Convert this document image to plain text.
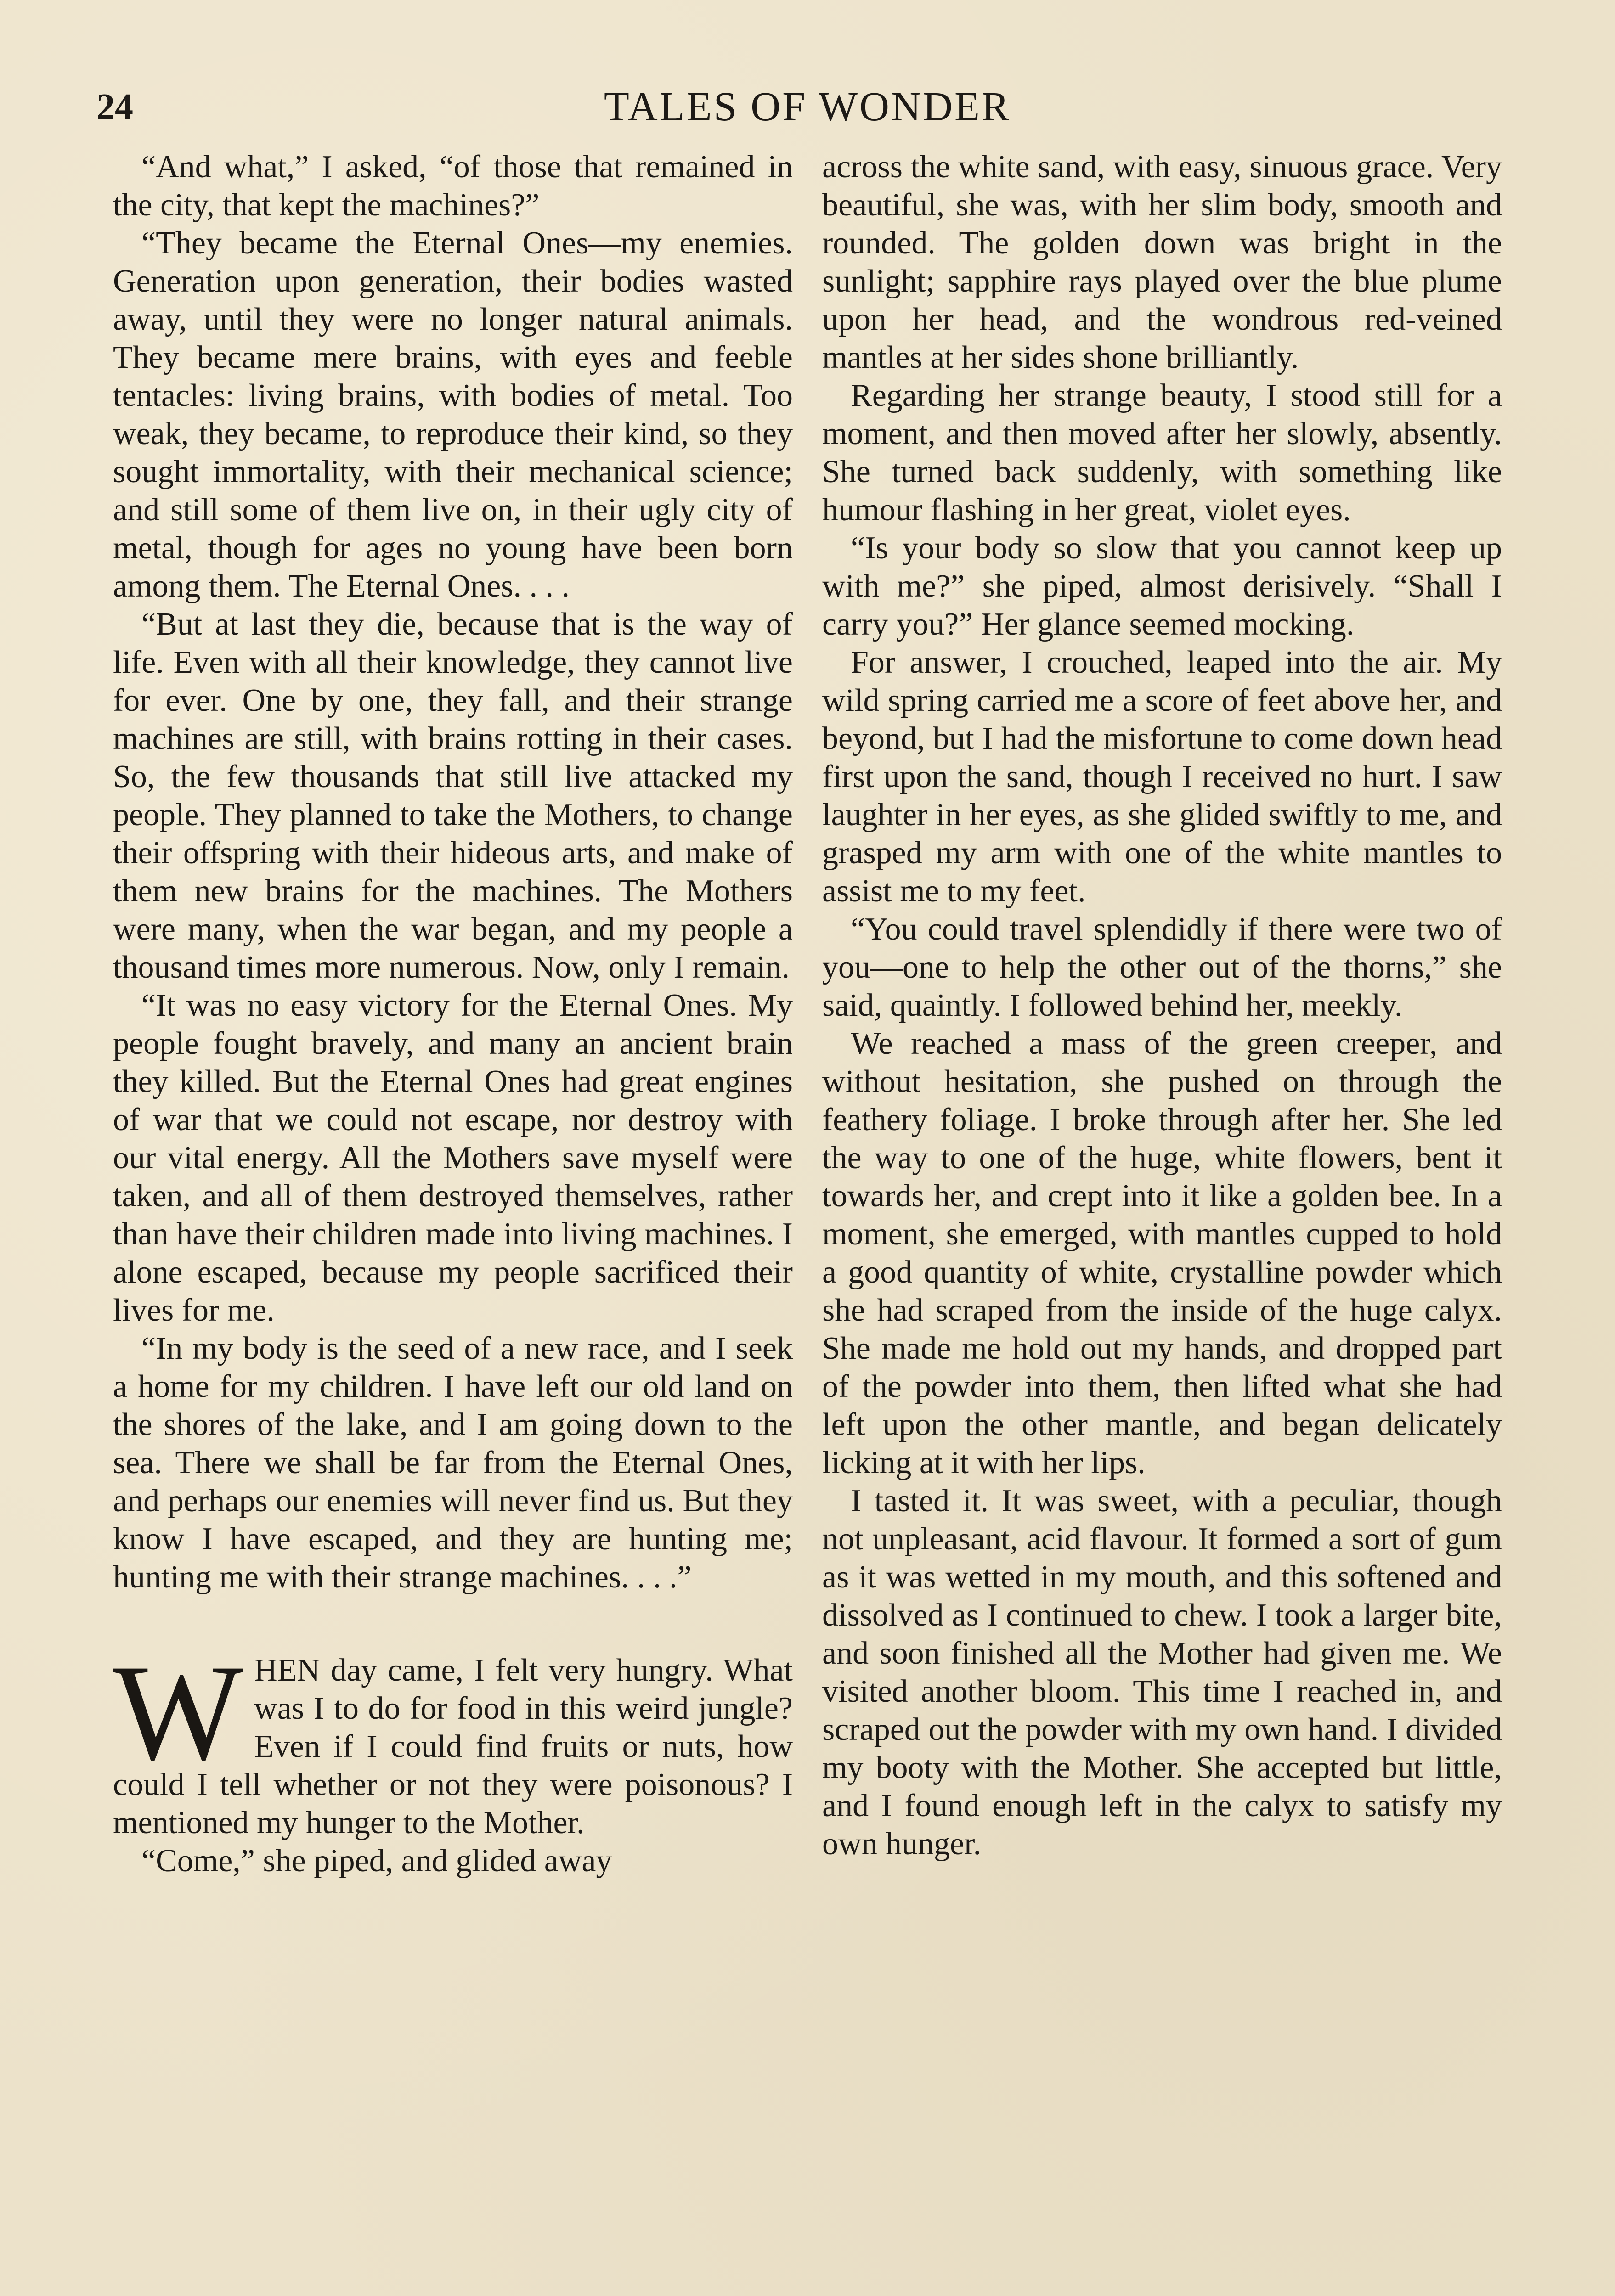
24	TALES OF WONDER

“And what,” I asked, “of those that remained in the city, that kept the machines?”

“They became the Eternal Ones—my enemies. Generation upon generation, their bodies wasted away, until they were no longer natural animals. They became mere brains, with eyes and feeble tentacles: living brains, with bodies of metal. Too weak, they became, to reproduce their kind, so they sought immortality, with their mechanical science; and still some of them live on, in their ugly city of metal, though for ages no young have been born among them. The Eternal Ones. . . .

“But at last they die, because that is the way of life. Even with all their knowledge, they cannot live for ever. One by one, they fall, and their strange machines are still, with brains rotting in their cases. So, the few thousands that still live attacked my people. They planned to take the Mothers, to change their offspring with their hideous arts, and make of them new brains for the machines. The Mothers were many, when the war began, and my people a thousand times more numerous. Now, only I remain.

“It was no easy victory for the Eternal Ones. My people fought bravely, and many an ancient brain they killed. But the Eternal Ones had great engines of war that we could not escape, nor destroy with our vital energy. All the Mothers save myself were taken, and all of them destroyed themselves, rather than have their children made into living machines. I alone escaped, because my people sacrificed their lives for me.

“In my body is the seed of a new race, and I seek a home for my children. I have left our old land on the shores of the lake, and I am going down to the sea. There we shall be far from the Eternal Ones, and perhaps our enemies will never find us. But they know I have escaped, and they are hunting me; hunting me with their strange machines. . . .”

WHEN day came, I felt very hungry. What was I to do for food in this weird jungle? Even if I could find fruits or nuts, how could I tell whether or not they were poisonous? I mentioned my hunger to the Mother.

“Come,” she piped, and glided away

across the white sand, with easy, sinuous grace. Very beautiful, she was, with her slim body, smooth and rounded. The golden down was bright in the sunlight; sapphire rays played over the blue plume upon her head, and the wondrous red-veined mantles at her sides shone brilliantly.

Regarding her strange beauty, I stood still for a moment, and then moved after her slowly, absently. She turned back suddenly, with something like humour flashing in her great, violet eyes.

“Is your body so slow that you cannot keep up with me?” she piped, almost derisively. “Shall I carry you?” Her glance seemed mocking.

For answer, I crouched, leaped into the air. My wild spring carried me a score of feet above her, and beyond, but I had the misfortune to come down head first upon the sand, though I received no hurt. I saw laughter in her eyes, as she glided swiftly to me, and grasped my arm with one of the white mantles to assist me to my feet.

“You could travel splendidly if there were two of you—one to help the other out of the thorns,” she said, quaintly. I followed behind her, meekly.

We reached a mass of the green creeper, and without hesitation, she pushed on through the feathery foliage. I broke through after her. She led the way to one of the huge, white flowers, bent it towards her, and crept into it like a golden bee. In a moment, she emerged, with mantles cupped to hold a good quantity of white, crystalline powder which she had scraped from the inside of the huge calyx. She made me hold out my hands, and dropped part of the powder into them, then lifted what she had left upon the other mantle, and began delicately licking at it with her lips.

I tasted it. It was sweet, with a peculiar, though not unpleasant, acid flavour. It formed a sort of gum as it was wetted in my mouth, and this softened and dissolved as I continued to chew. I took a larger bite, and soon finished all the Mother had given me. We visited another bloom. This time I reached in, and scraped out the powder with my own hand. I divided my booty with the Mother. She accepted but little, and I found enough left in the calyx to satisfy my own hunger.
